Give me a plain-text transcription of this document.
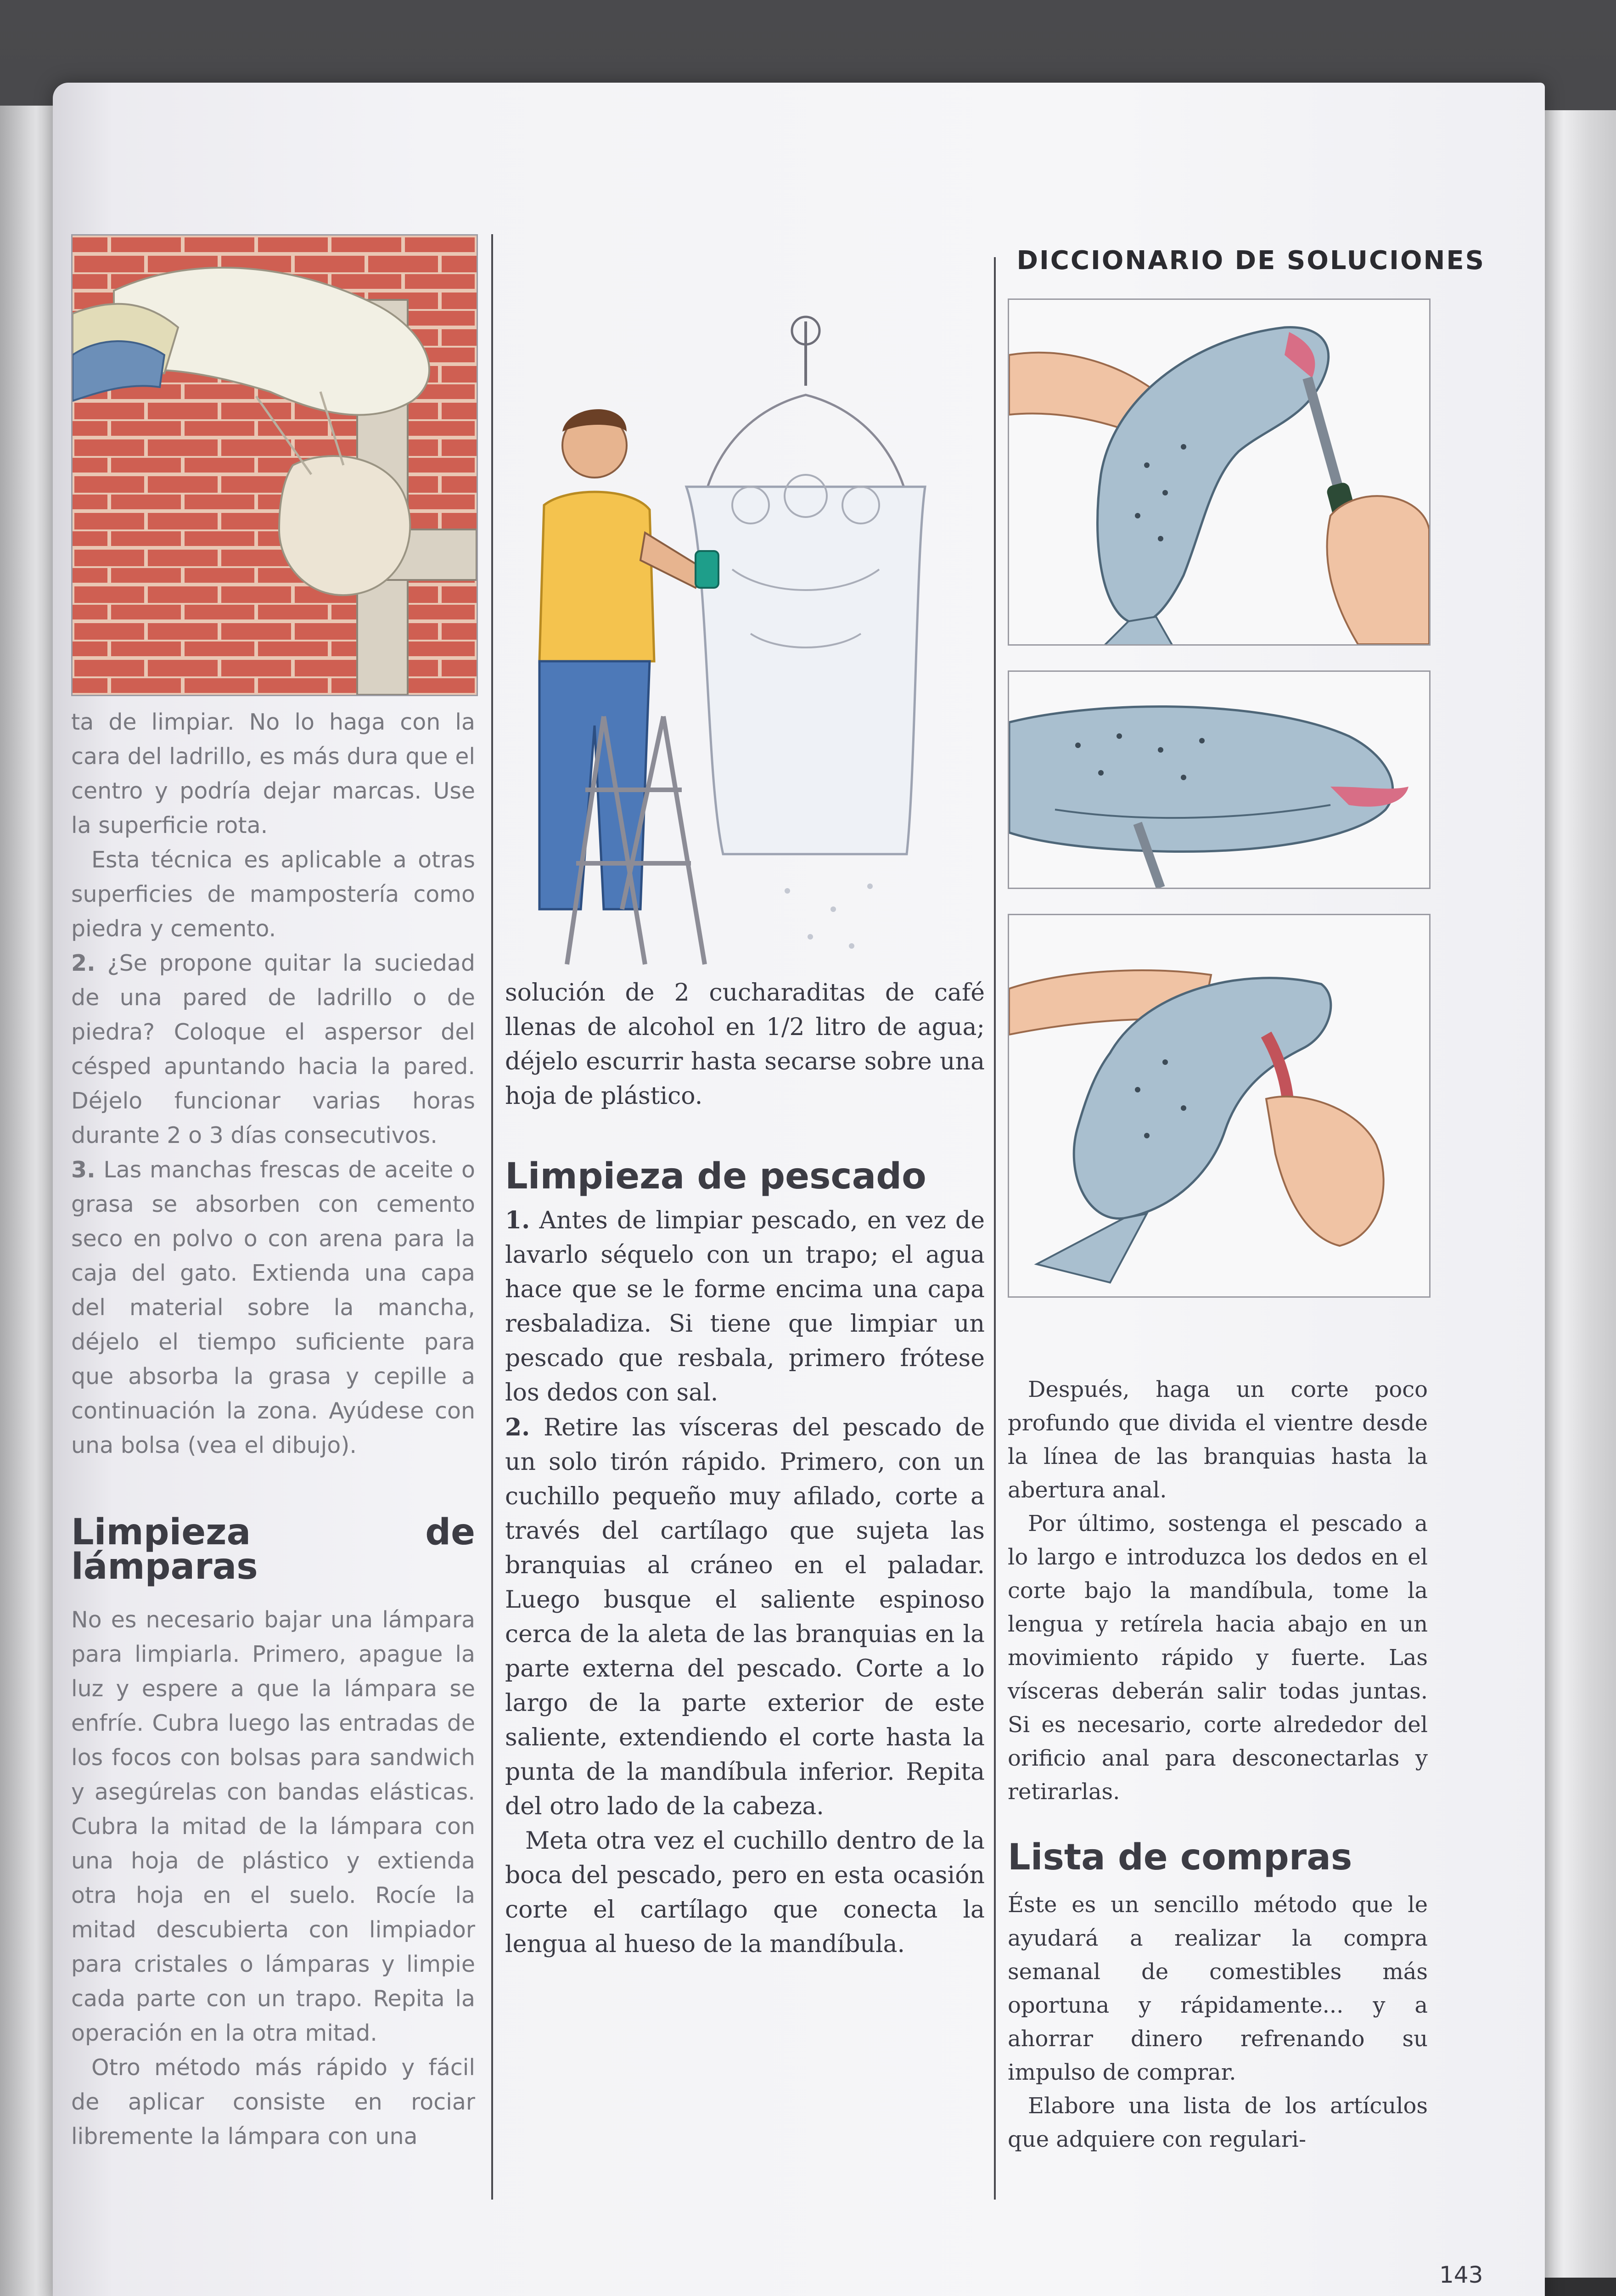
DICCIONARIO DE SOLUCIONES

ta de limpiar. No lo haga con la cara del ladrillo, es más dura que el centro y podría dejar marcas. Use la superficie rota.

Esta técnica es aplicable a otras superficies de mampostería como piedra y cemento.

2. ¿Se propone quitar la suciedad de una pared de ladrillo o de piedra? Coloque el aspersor del césped apuntando hacia la pared. Déjelo funcionar varias horas durante 2 o 3 días consecutivos.

3. Las manchas frescas de aceite o grasa se absorben con cemento seco en polvo o con arena para la caja del gato. Extienda una capa del material sobre la mancha, déjelo el tiempo suficiente para que absorba la grasa y cepille a continuación la zona. Ayúdese con una bolsa (vea el dibujo).

Limpieza de lámparas

No es necesario bajar una lámpara para limpiarla. Primero, apague la luz y espere a que la lámpara se enfríe. Cubra luego las entradas de los focos con bolsas para sandwich y asegúrelas con bandas elásticas. Cubra la mitad de la lámpara con una hoja de plástico y extienda otra hoja en el suelo. Rocíe la mitad descubierta con limpiador para cristales o lámparas y limpie cada parte con un trapo. Repita la operación en la otra mitad.

Otro método más rápido y fácil de aplicar consiste en rociar libremente la lámpara con una

solución de 2 cucharaditas de café llenas de alcohol en 1/2 litro de agua; déjelo escurrir hasta secarse sobre una hoja de plástico.

Limpieza de pescado

1. Antes de limpiar pescado, en vez de lavarlo séquelo con un trapo; el agua hace que se le forme encima una capa resbaladiza. Si tiene que limpiar un pescado que resbala, primero frótese los dedos con sal.

2. Retire las vísceras del pescado de un solo tirón rápido. Primero, con un cuchillo pequeño muy afilado, corte a través del cartílago que sujeta las branquias al cráneo en el paladar. Luego busque el saliente espinoso cerca de la aleta de las branquias en la parte externa del pescado. Corte a lo largo de la parte exterior de este saliente, extendiendo el corte hasta la punta de la mandíbula inferior. Repita del otro lado de la cabeza.

Meta otra vez el cuchillo dentro de la boca del pescado, pero en esta ocasión corte el cartílago que conecta la lengua al hueso de la mandíbula.

Después, haga un corte poco profundo que divida el vientre desde la línea de las branquias hasta la abertura anal.

Por último, sostenga el pescado a lo largo e introduzca los dedos en el corte bajo la mandíbula, tome la lengua y retírela hacia abajo en un movimiento rápido y fuerte. Las vísceras deberán salir todas juntas. Si es necesario, corte alrededor del orificio anal para desconectarlas y retirarlas.

Lista de compras

Éste es un sencillo método que le ayudará a realizar la compra semanal de comestibles más oportuna y rápidamente... y a ahorrar dinero refrenando su impulso de comprar.

Elabore una lista de los artículos que adquiere con regulari-

143
